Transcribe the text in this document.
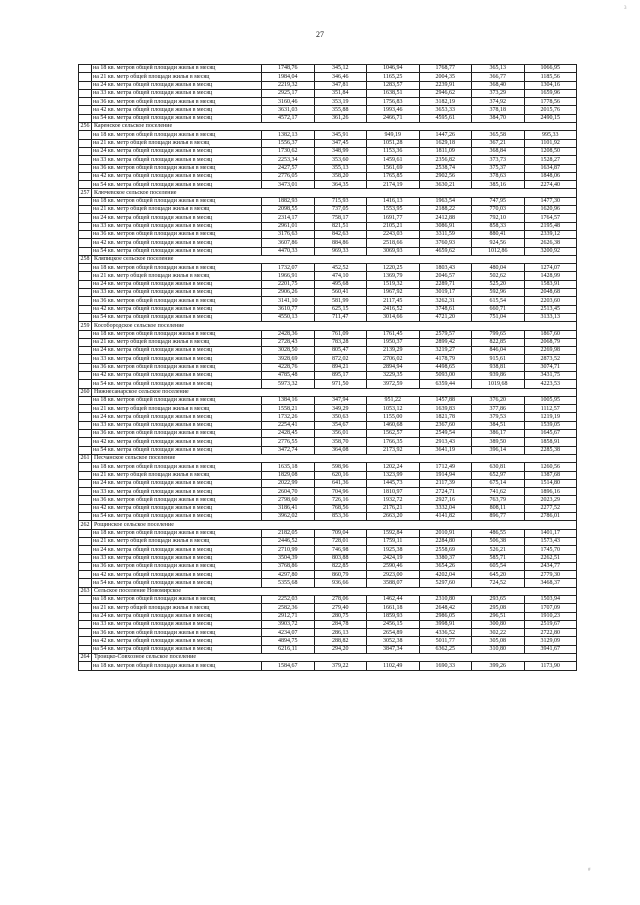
27
3
#
	на 18 кв. метров общей площади жилья в месяц	1748,76	345,12	1046,94	1768,77	365,13	1066,95
	на 21 кв. метр общей площади жилья в месяц	1984,04	346,46	1165,25	2004,35	366,77	1185,56
	на 24 кв. метра общей площади жилья в месяц	2219,32	347,81	1283,57	2239,91	368,40	1304,16
	на 33 кв. метра общей площади жилья в месяц	2925,17	351,84	1638,51	2946,62	373,29	1659,96
	на 36 кв. метров общей площади жилья в месяц	3160,46	353,19	1756,83	3182,19	374,92	1778,56
	на 42 кв. метра общей площади жилья в месяц	3631,03	355,88	1993,46	3653,33	378,18	2015,76
	на 54 кв. метра общей площади жилья в месяц	4572,17	361,26	2466,71	4595,61	384,70	2490,15
256	Каренское сельское поселение						
	на 18 кв. метров общей площади жилья в месяц	1382,13	345,91	949,19	1447,26	365,58	995,33
	на 21 кв. метр общей площади жилья в месяц	1556,37	347,45	1051,28	1629,18	367,21	1101,92
	на 24 кв. метра общей площади жилья в месяц	1730,62	348,99	1153,36	1811,09	368,84	1208,50
	на 33 кв. метра общей площади жилья в месяц	2253,34	353,60	1459,61	2356,82	373,73	1528,27
	на 36 кв. метров общей площади жилья в месяц	2427,57	355,13	1561,69	2538,74	375,37	1634,87
	на 42 кв. метра общей площади жилья в месяц	2776,05	358,20	1765,85	2902,56	378,63	1848,06
	на 54 кв. метра общей площади жилья в месяц	3473,01	364,35	2174,19	3630,21	385,16	2274,40
257	Ключевское сельское поселение						
	на 18 кв. метров общей площади жилья в месяц	1882,93	715,93	1416,13	1963,54	747,95	1477,30
	на 21 кв. метр общей площади жилья в месяц	2098,55	737,05	1553,95	2188,22	770,03	1620,96
	на 24 кв. метра общей площади жилья в месяц	2314,17	758,17	1691,77	2412,88	792,10	1764,57
	на 33 кв. метра общей площади жилья в месяц	2961,01	821,51	2105,21	3086,91	858,33	2195,48
	на 36 кв. метров общей площади жилья в месяц	3176,63	842,63	2243,03	3311,59	880,41	2339,12
	на 42 кв. метра общей площади жилья в месяц	3607,86	884,86	2518,66	3760,93	924,56	2626,38
	на 54 кв. метра общей площади жилья в месяц	4470,33	969,33	3069,93	4659,62	1012,86	3200,92
258	Кляпицкое сельское поселение						
	на 18 кв. метров общей площади жилья в месяц	1732,07	452,52	1220,25	1803,43	480,04	1274,07
	на 21 кв. метр общей площади жилья в месяц	1966,91	474,10	1369,79	2046,57	502,62	1428,99
	на 24 кв. метра общей площади жилья в месяц	2201,75	495,68	1519,32	2289,71	525,20	1583,91
	на 33 кв. метра общей площади жилья в месяц	2906,26	560,41	1967,92	3019,17	592,96	2048,68
	на 36 кв. метров общей площади жилья в месяц	3141,10	581,99	2117,45	3262,31	615,54	2203,60
	на 42 кв. метра общей площади жилья в месяц	3610,77	625,15	2416,52	3748,61	660,71	2513,45
	на 54 кв. метра общей площади жилья в месяц	4550,13	711,47	3014,66	4721,20	751,04	3133,13
259	Кособородское сельское поселение						
	на 18 кв. метров общей площади жилья в месяц	2428,36	761,09	1761,45	2579,57	799,65	1867,60
	на 21 кв. метр общей площади жилья в месяц	2728,43	783,28	1950,37	2899,42	822,85	2068,79
	на 24 кв. метра общей площади жилья в месяц	3028,50	805,47	2139,29	3219,27	846,04	2269,98
	на 33 кв. метра общей площади жилья в месяц	3928,69	872,02	2706,02	4178,79	915,61	2873,52
	на 36 кв. метров общей площади жилья в месяц	4228,76	894,21	2894,94	4498,65	938,81	3074,71
	на 42 кв. метра общей площади жилья в месяц	4785,48	895,17	3229,35	5093,00	939,86	3431,75
	на 54 кв. метра общей площади жилья в месяц	5973,32	971,50	3972,59	6359,44	1019,68	4223,53
260	Нижнесанарское сельское поселение						
	на 18 кв. метров общей площади жилья в месяц	1384,16	347,94	951,22	1457,88	376,20	1005,95
	на 21 кв. метр общей площади жилья в месяц	1558,21	349,29	1053,12	1639,83	377,86	1112,57
	на 24 кв. метра общей площади жилья в месяц	1732,26	350,63	1155,00	1821,78	379,53	1219,19
	на 33 кв. метра общей площади жилья в месяц	2254,41	354,67	1460,68	2367,60	384,51	1539,05
	на 36 кв. метров общей площади жилья в месяц	2428,45	356,01	1562,57	2549,54	386,17	1645,67
	на 42 кв. метра общей площади жилья в месяц	2776,55	358,70	1766,35	2913,43	389,50	1858,91
	на 54 кв. метра общей площади жилья в месяц	3472,74	364,08	2173,92	3641,19	396,14	2285,38
261	Песчанское сельское поселение						
	на 18 кв. метров общей площади жилья в месяц	1635,18	598,96	1202,24	1712,49	630,81	1260,56
	на 21 кв. метр общей площади жилья в месяц	1829,08	620,16	1323,99	1914,94	652,97	1387,68
	на 24 кв. метра общей площади жилья в месяц	2022,99	641,36	1445,73	2117,39	675,14	1514,80
	на 33 кв. метра общей площади жилья в месяц	2604,70	704,96	1810,97	2724,71	741,62	1896,16
	на 36 кв. метров общей площади жилья в месяц	2798,60	726,16	1932,72	2927,16	763,79	2023,29
	на 42 кв. метра общей площади жилья в месяц	3186,41	768,56	2176,21	3332,04	808,11	2277,52
	на 54 кв. метра общей площади жилья в месяц	3962,02	853,36	2663,20	4141,82	896,77	2786,01
262	Рощинское сельское поселение						
	на 18 кв. метров общей площади жилья в месяц	2182,05	709,04	1592,84	2010,91	486,55	1401,17
	на 21 кв. метр общей площади жилья в месяц	2446,52	728,01	1759,11	2284,80	506,38	1573,43
	на 24 кв. метра общей площади жилья в месяц	2710,99	746,98	1925,38	2558,69	526,21	1745,70
	на 33 кв. метра общей площади жилья в месяц	3504,39	803,88	2424,19	3380,37	585,71	2262,51
	на 36 кв. метров общей площади жилья в месяц	3768,86	822,85	2590,46	3654,26	605,54	2434,77
	на 42 кв. метра общей площади жилья в месяц	4297,80	860,79	2923,00	4202,04	645,20	2779,30
	на 54 кв. метра общей площади жилья в месяц	5355,68	936,66	3588,07	5297,60	724,52	3468,37
263	Сельское поселение Новомирское						
	на 18 кв. метров общей площади жилья в месяц	2252,03	278,06	1462,44	2310,80	293,65	1503,94
	на 21 кв. метр общей площади жилья в месяц	2582,36	279,40	1661,18	2648,42	295,08	1707,09
	на 24 кв. метра общей площади жилья в месяц	2912,71	280,75	1859,93	2986,05	296,51	1910,23
	на 33 кв. метра общей площади жилья в месяц	3903,72	284,78	2456,15	3998,91	300,80	2519,67
	на 36 кв. метров общей площади жилья в месяц	4234,07	286,13	2654,89	4336,52	302,22	2722,80
	на 42 кв. метра общей площади жилья в месяц	4894,75	288,82	3052,38	5011,77	305,08	3129,09
	на 54 кв. метра общей площади жилья в месяц	6216,11	294,20	3847,34	6362,25	310,80	3941,67
264	Троицко-Совхозное сельское поселение						
	на 18 кв. метров общей площади жилья в месяц	1584,67	379,22	1102,49	1690,33	399,26	1173,90
